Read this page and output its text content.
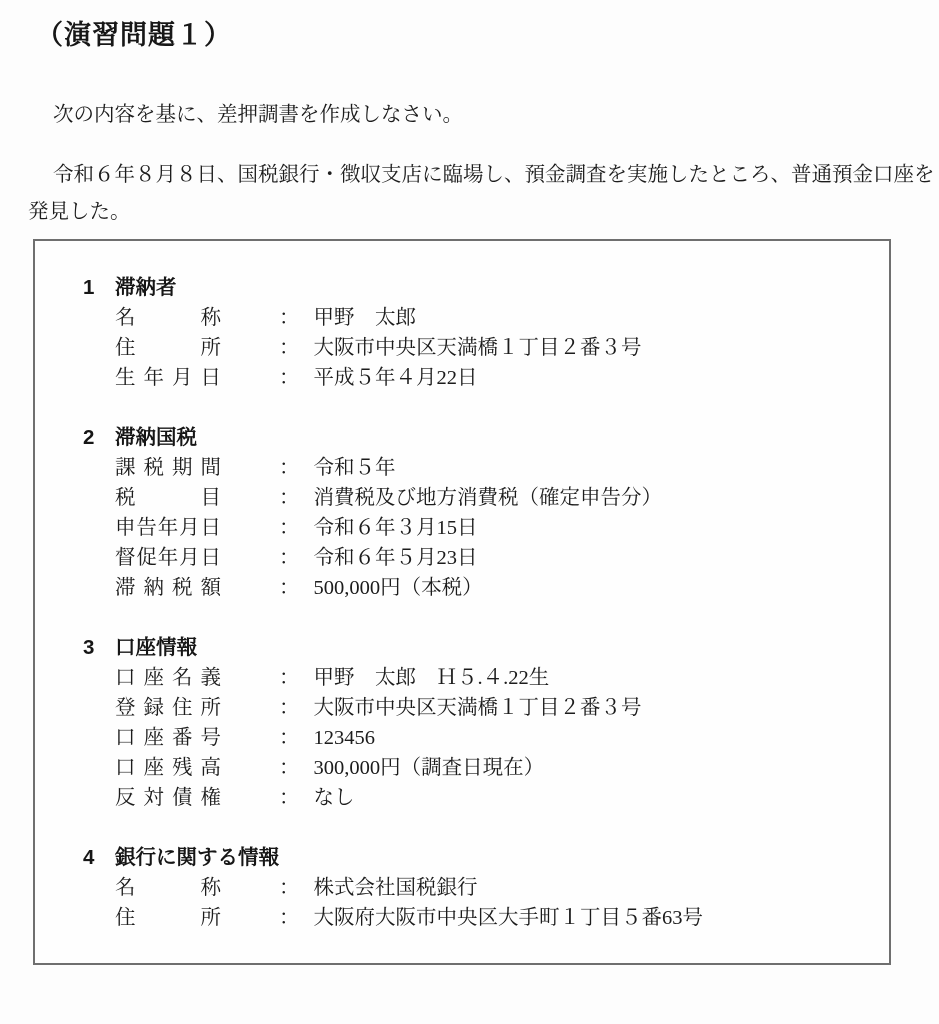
（演習問題１）

次の内容を基に、差押調書を作成しなさい。

令和６年８月８日、国税銀行・徴収支店に臨場し、預金調査を実施したところ、普通預金口座を
発見した。
1 滞納者
名称	： 甲野　太郎
住所	： 大阪市中央区天満橋１丁目２番３号
生年月日	： 平成５年４月22日
2 滞納国税
課税期間	： 令和５年
税目	： 消費税及び地方消費税（確定申告分）
申告年月日	： 令和６年３月15日
督促年月日	： 令和６年５月23日
滞納税額	： 500,000円（本税）
3 口座情報
口座名義	： 甲野　太郎　Ｈ５.４.22生
登録住所	： 大阪市中央区天満橋１丁目２番３号
口座番号	： 123456
口座残高	： 300,000円（調査日現在）
反対債権	： なし
4 銀行に関する情報
名称	： 株式会社国税銀行
住所	： 大阪府大阪市中央区大手町１丁目５番63号
